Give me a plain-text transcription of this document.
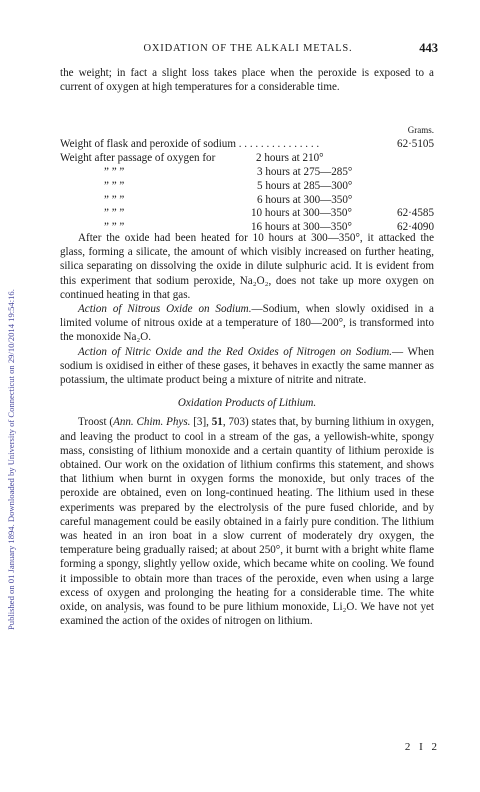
Published on 01 January 1894. Downloaded by University of Connecticut on 29/10/2014 19:54:16.
OXIDATION OF THE ALKALI METALS.	443

the weight; in fact a slight loss takes place when the peroxide is exposed to a current of oxygen at high temperatures for a considerable time.

Grams.
Weight of flask and peroxide of sodium . . . . . . . . . . . . . . .	62·5105
Weight after passage of oxygen for	2 hours at 210°
” ” ”	3 hours at 275—285°
” ” ”	5 hours at 285—300°
” ” ”	6 hours at 300—350°
” ” ”	10 hours at 300—350°	62·4585
” ” ”	16 hours at 300—350°	62·4090

After the oxide had been heated for 10 hours at 300—350°, it attacked the glass, forming a silicate, the amount of which visibly increased on further heating, silica separating on dissolving the oxide in dilute sulphuric acid. It is evident from this experiment that sodium peroxide, Na₂O₂, does not take up more oxygen on continued heating in that gas.

Action of Nitrous Oxide on Sodium.—Sodium, when slowly oxidised in a limited volume of nitrous oxide at a temperature of 180—200°, is transformed into the monoxide Na₂O.

Action of Nitric Oxide and the Red Oxides of Nitrogen on Sodium.— When sodium is oxidised in either of these gases, it behaves in exactly the same manner as potassium, the ultimate product being a mixture of nitrite and nitrate.

Oxidation Products of Lithium.

Troost (Ann. Chim. Phys. [3], 51, 703) states that, by burning lithium in oxygen, and leaving the product to cool in a stream of the gas, a yellowish-white, spongy mass, consisting of lithium monoxide and a certain quantity of lithium peroxide is obtained. Our work on the oxidation of lithium confirms this statement, and shows that lithium when burnt in oxygen forms the monoxide, but only traces of the peroxide are obtained, even on long-continued heating. The lithium used in these experiments was prepared by the electrolysis of the pure fused chloride, and by careful management could be easily obtained in a fairly pure condition. The lithium was heated in an iron boat in a slow current of moderately dry oxygen, the temperature being gradually raised; at about 250°, it burnt with a bright white flame forming a spongy, slightly yellow oxide, which became white on cooling. We found it impossible to obtain more than traces of the peroxide, even when using a large excess of oxygen and prolonging the heating for a considerable time. The white oxide, on analysis, was found to be pure lithium monoxide, Li₂O. We have not yet examined the action of the oxides of nitrogen on lithium.

2 I 2
